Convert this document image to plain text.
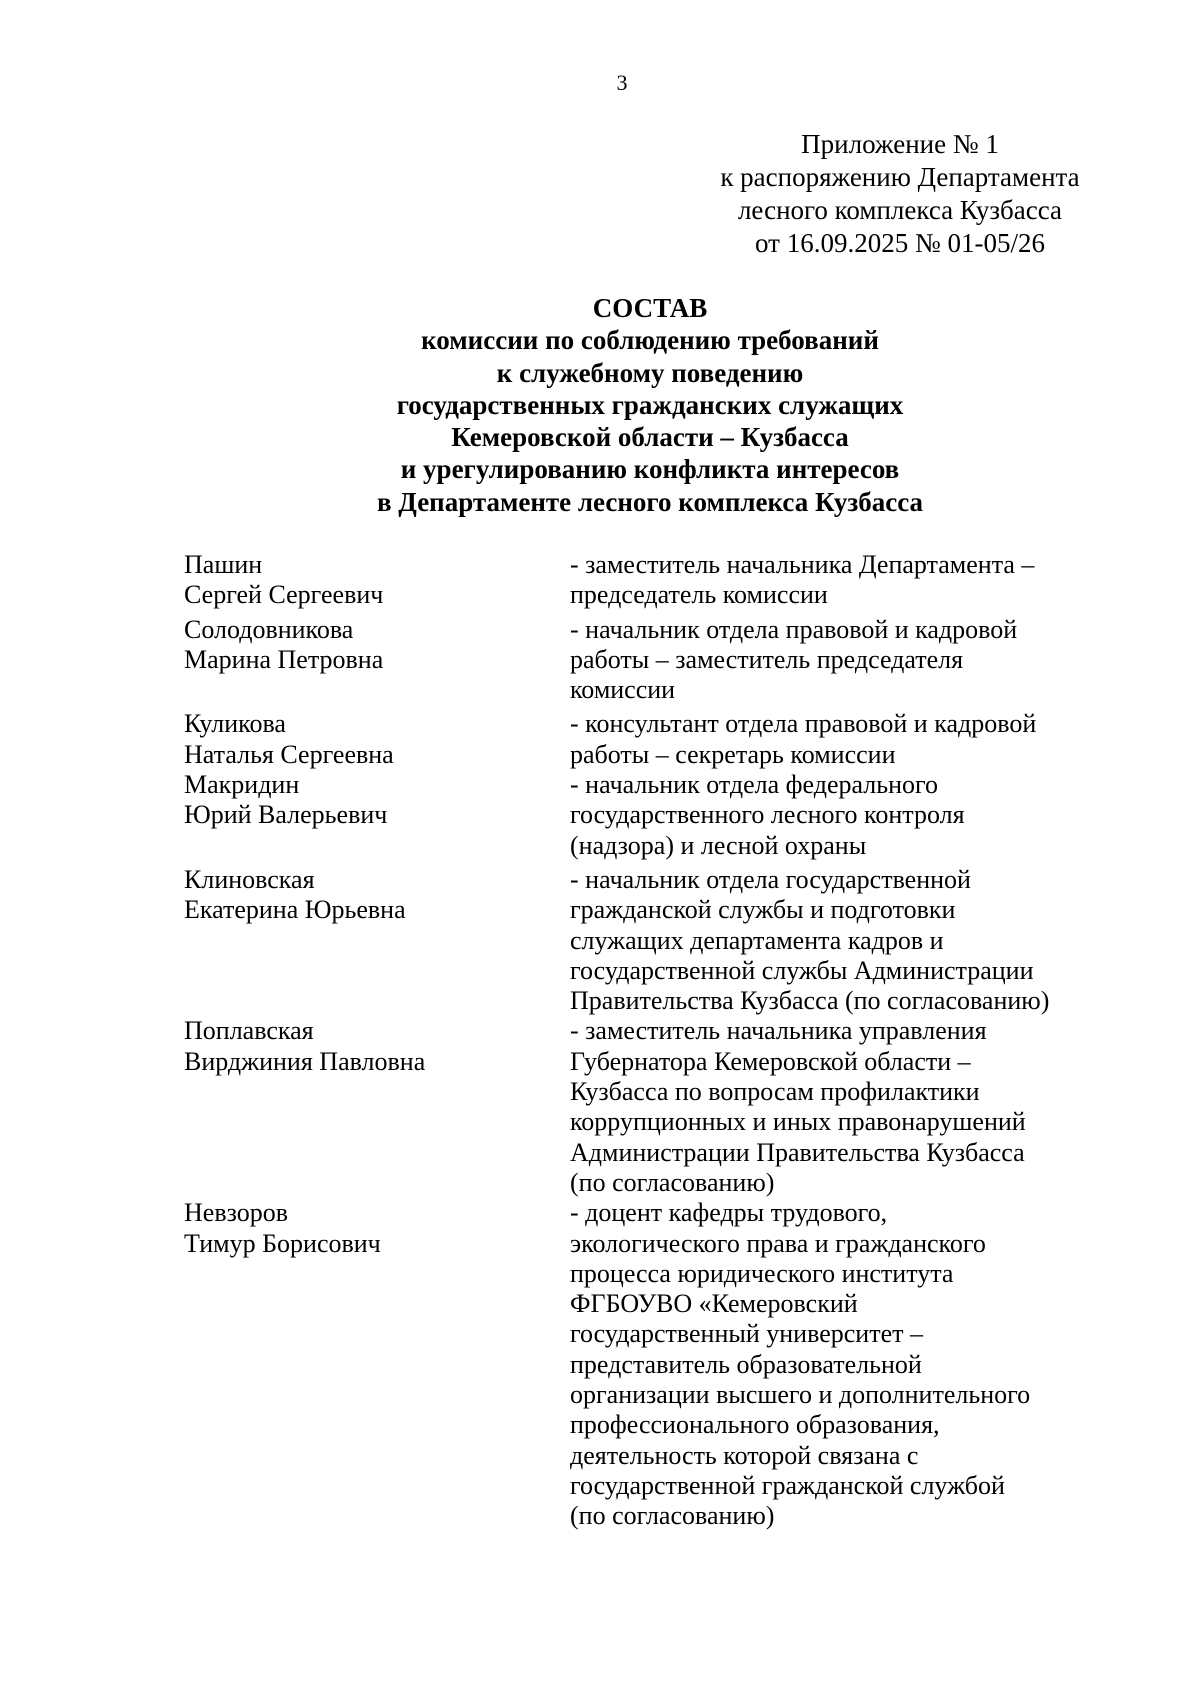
3
Приложение № 1
к распоряжению Департамента
лесного комплекса Кузбасса
от 16.09.2025 № 01-05/26
СОСТАВ
комиссии по соблюдению требований
к служебному поведению
государственных гражданских служащих
Кемеровской области – Кузбасса
и урегулированию конфликта интересов
в Департаменте лесного комплекса Кузбасса
Пашин
Сергей Сергеевич
- заместитель начальника Департамента –
председатель комиссии
Солодовникова
Марина Петровна
- начальник отдела правовой и кадровой
работы – заместитель председателя
комиссии
Куликова
Наталья Сергеевна
- консультант отдела правовой и кадровой
работы – секретарь комиссии
Макридин
Юрий Валерьевич
- начальник отдела федерального
государственного лесного контроля
(надзора) и лесной охраны
Клиновская
Екатерина Юрьевна
- начальник отдела государственной
гражданской службы и подготовки
служащих департамента кадров и
государственной службы Администрации
Правительства Кузбасса (по согласованию)
Поплавская
Вирджиния Павловна
- заместитель начальника управления
Губернатора Кемеровской области –
Кузбасса по вопросам профилактики
коррупционных и иных правонарушений
Администрации Правительства Кузбасса
(по согласованию)
Невзоров
Тимур Борисович
- доцент кафедры трудового,
экологического права и гражданского
процесса юридического института
ФГБОУВО «Кемеровский
государственный университет –
представитель образовательной
организации высшего и дополнительного
профессионального образования,
деятельность которой связана с
государственной гражданской службой
(по согласованию)
